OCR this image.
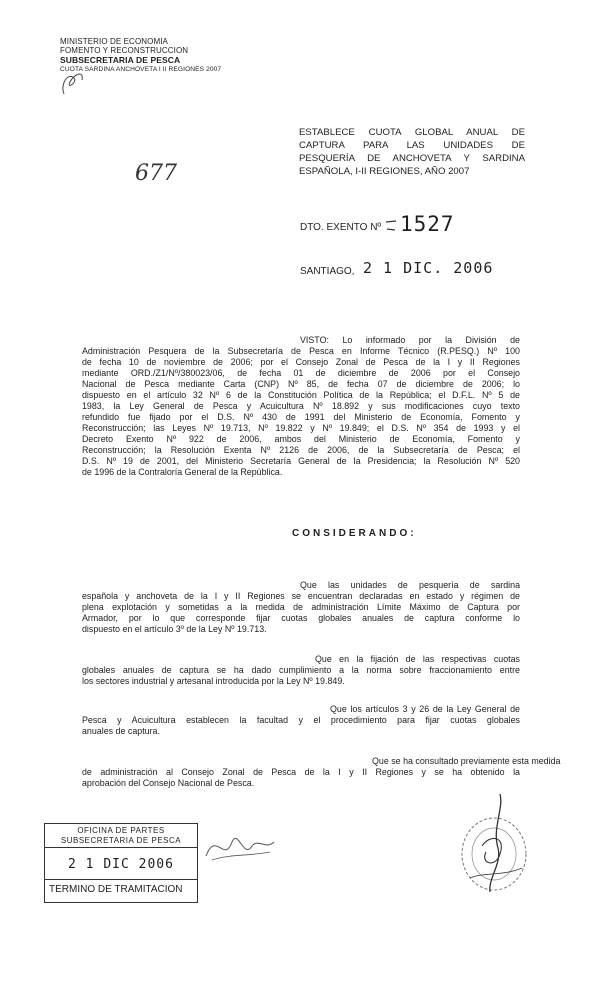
MINISTERIO DE ECONOMIA
FOMENTO Y RECONSTRUCCION
SUBSECRETARIA DE PESCA
CUOTA SARDINA ANCHOVETA I II REGIONES 2007
677
ESTABLECE CUOTA GLOBAL ANUAL DE
CAPTURA PARA LAS UNIDADES DE
PESQUERÍA DE ANCHOVETA Y SARDINA
ESPAÑOLA, I-II REGIONES, AÑO 2007
DTO. EXENTO Nº 1527
SANTIAGO, 2 1 DIC. 2006
VISTO: Lo informado por la División de
Administración Pesquera de la Subsecretaría de Pesca en Informe Técnico (R.PESQ.) Nº 100
de fecha 10 de noviembre de 2006; por el Consejo Zonal de Pesca de la I y II Regiones
mediante ORD./Z1/Nº/380023/06, de fecha 01 de diciembre de 2006 por el Consejo
Nacional de Pesca mediante Carta (CNP) Nº 85, de fecha 07 de diciembre de 2006; lo
dispuesto en el artículo 32 Nº 6 de la Constitución Política de la República; el D.F.L. Nº 5 de
1983, la Ley General de Pesca y Acuicultura Nº 18.892 y sus modificaciones cuyo texto
refundido fue fijado por el D.S. Nº 430 de 1991 del Ministerio de Economía, Fomento y
Reconstrucción; las Leyes Nº 19.713, Nº 19.822 y Nº 19.849; el D.S. Nº 354 de 1993 y el
Decreto Exento Nº 922 de 2006, ambos del Ministerio de Economía, Fomento y
Reconstrucción; la Resolución Exenta Nº 2126 de 2006, de la Subsecretaría de Pesca; el
D.S. Nº 19 de 2001, del Ministerio Secretaría General de la Presidencia; la Resolución Nº 520
de 1996 de la Contraloría General de la República.
CONSIDERANDO:
Que las unidades de pesquería de sardina
española y anchoveta de la I y II Regiones se encuentran declaradas en estado y régimen de
plena explotación y sometidas a la medida de administración Límite Máximo de Captura por
Armador, por lo que corresponde fijar cuotas globales anuales de captura conforme lo
dispuesto en el artículo 3º de la Ley Nº 19.713.
Que en la fijación de las respectivas cuotas
globales anuales de captura se ha dado cumplimiento a la norma sobre fraccionamiento entre
los sectores industrial y artesanal introducida por la Ley Nº 19.849.
Que los artículos 3 y 26 de la Ley General de
Pesca y Acuicultura establecen la facultad y el procedimiento para fijar cuotas globales
anuales de captura.
Que se ha consultado previamente esta medida
de administración al Consejo Zonal de Pesca de la I y II Regiones y se ha obtenido la
aprobación del Consejo Nacional de Pesca.
OFICINA DE PARTES
SUBSECRETARIA DE PESCA
2 1 DIC 2006
TERMINO DE TRAMITACION
